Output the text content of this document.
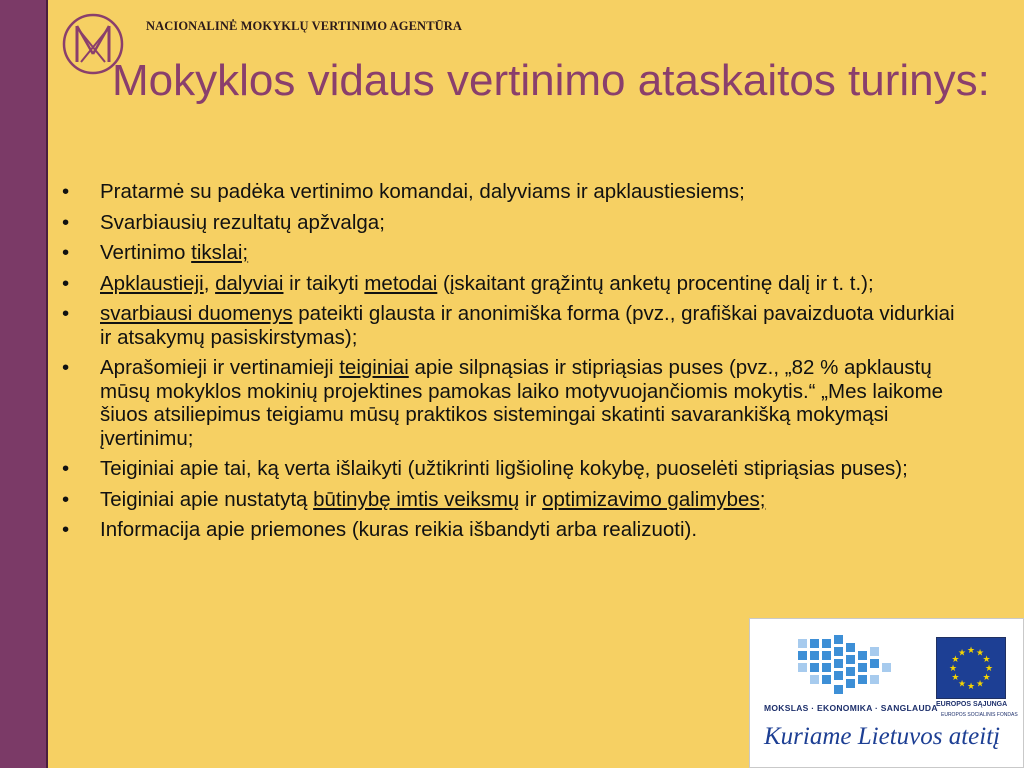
NACIONALINĖ MOKYKLŲ VERTINIMO AGENTŪRA
Mokyklos vidaus vertinimo ataskaitos turinys:
• Pratarmė su padėka vertinimo komandai, dalyviams ir apklaustiesiems;
• Svarbiausių rezultatų apžvalga;
• Vertinimo tikslai;
• Apklaustieji, dalyviai ir taikyti metodai (įskaitant grąžintų anketų procentinę dalį ir t. t.);
• svarbiausi duomenys pateikti glausta ir anonimiška forma (pvz., grafiškai pavaizduota vidurkiai ir atsakymų pasiskirstymas);
• Aprašomieji ir vertinamieji teiginiai apie silpnąsias ir stipriąsias puses (pvz., „82 % apklaustų mūsų mokyklos mokinių projektines pamokas laiko motyvuojančiomis mokytis.“ „Mes laikome šiuos atsiliepimus teigiamu mūsų praktikos sistemingai skatinti savarankišką mokymąsi įvertinimu;
• Teiginiai apie tai, ką verta išlaikyti (užtikrinti ligšiolinę kokybę, puoselėti stipriąsias puses);
• Teiginiai apie nustatytą būtinybę imtis veiksmų ir optimizavimo galimybes;
• Informacija apie priemones (kuras reikia išbandyti arba realizuoti).
MOKSLAS · EKONOMIKA · SANGLAUDA
★
★
★
★
★
★
★
★
★ ★ ★
★
EUROPOS SĄJUNGA
EUROPOS SOCIALINIS FONDAS
Kuriame Lietuvos ateitį
